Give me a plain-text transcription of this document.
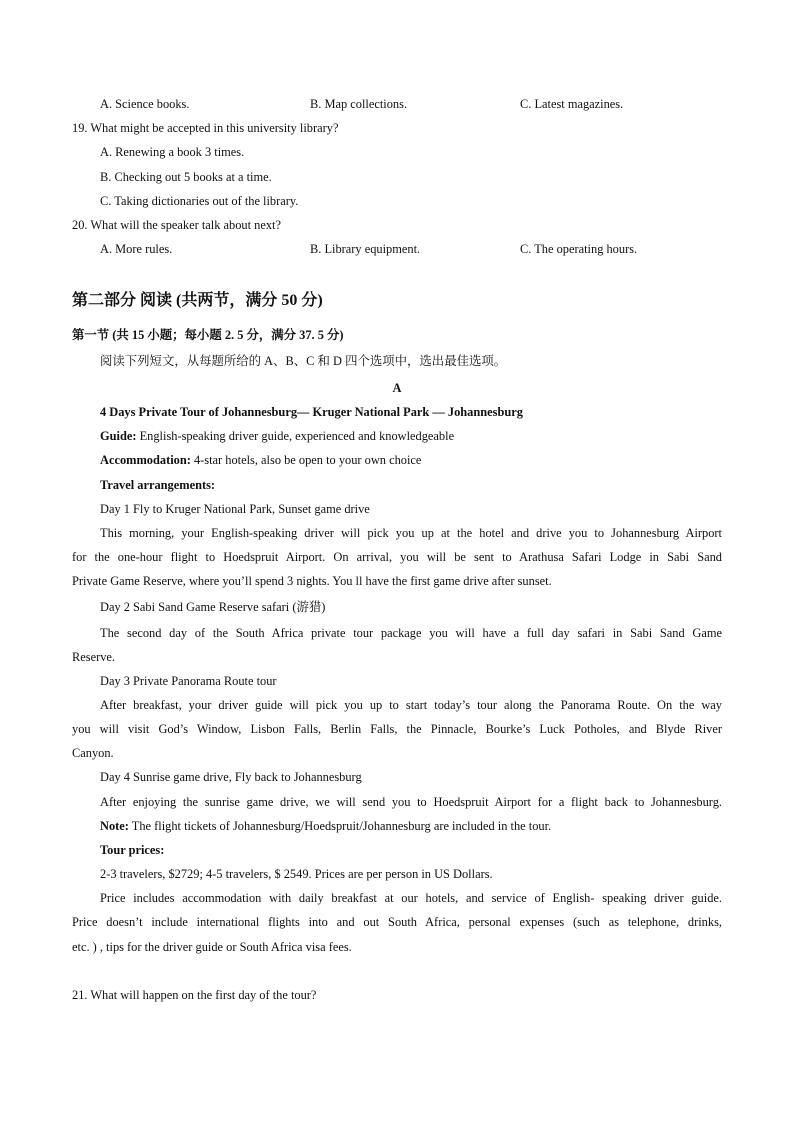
A. Science books.	B. Map collections.	C. Latest magazines.
19. What might be accepted in this university library?
A. Renewing a book 3 times.
B. Checking out 5 books at a time.
C. Taking dictionaries out of the library.
20. What will the speaker talk about next?
A. More rules.	B. Library equipment.	C. The operating hours.
第二部分 阅读 (共两节，满分 50 分)
第一节 (共 15 小题；每小题 2. 5 分，满分 37. 5 分)
阅读下列短文，从每题所给的 A、B、C 和 D 四个选项中，选出最佳选项。
A
4 Days Private Tour of Johannesburg— Kruger National Park — Johannesburg
Guide: English-speaking driver guide, experienced and knowledgeable
Accommodation: 4-star hotels, also be open to your own choice
Travel arrangements:
Day 1 Fly to Kruger National Park, Sunset game drive
This morning, your English-speaking driver will pick you up at the hotel and drive you to Johannesburg Airport
for the one-hour flight to Hoedspruit Airport. On arrival, you will be sent to Arathusa Safari Lodge in Sabi Sand
Private Game Reserve, where you’ll spend 3 nights. You ll have the first game drive after sunset.
Day 2 Sabi Sand Game Reserve safari (游猎)
The second day of the South Africa private tour package you will have a full day safari in Sabi Sand Game
Reserve.
Day 3 Private Panorama Route tour
After breakfast, your driver guide will pick you up to start today’s tour along the Panorama Route. On the way
you will visit God’s Window, Lisbon Falls, Berlin Falls, the Pinnacle, Bourke’s Luck Potholes, and Blyde River
Canyon.
Day 4 Sunrise game drive, Fly back to Johannesburg
After enjoying the sunrise game drive, we will send you to Hoedspruit Airport for a flight back to Johannesburg.
Note: The flight tickets of Johannesburg/Hoedspruit/Johannesburg are included in the tour.
Tour prices:
2-3 travelers, $2729; 4-5 travelers, $ 2549. Prices are per person in US Dollars.
Price includes accommodation with daily breakfast at our hotels, and service of English- speaking driver guide.
Price doesn’t include international flights into and out South Africa, personal expenses (such as telephone, drinks,
etc. ) , tips for the driver guide or South Africa visa fees.
21. What will happen on the first day of the tour?
